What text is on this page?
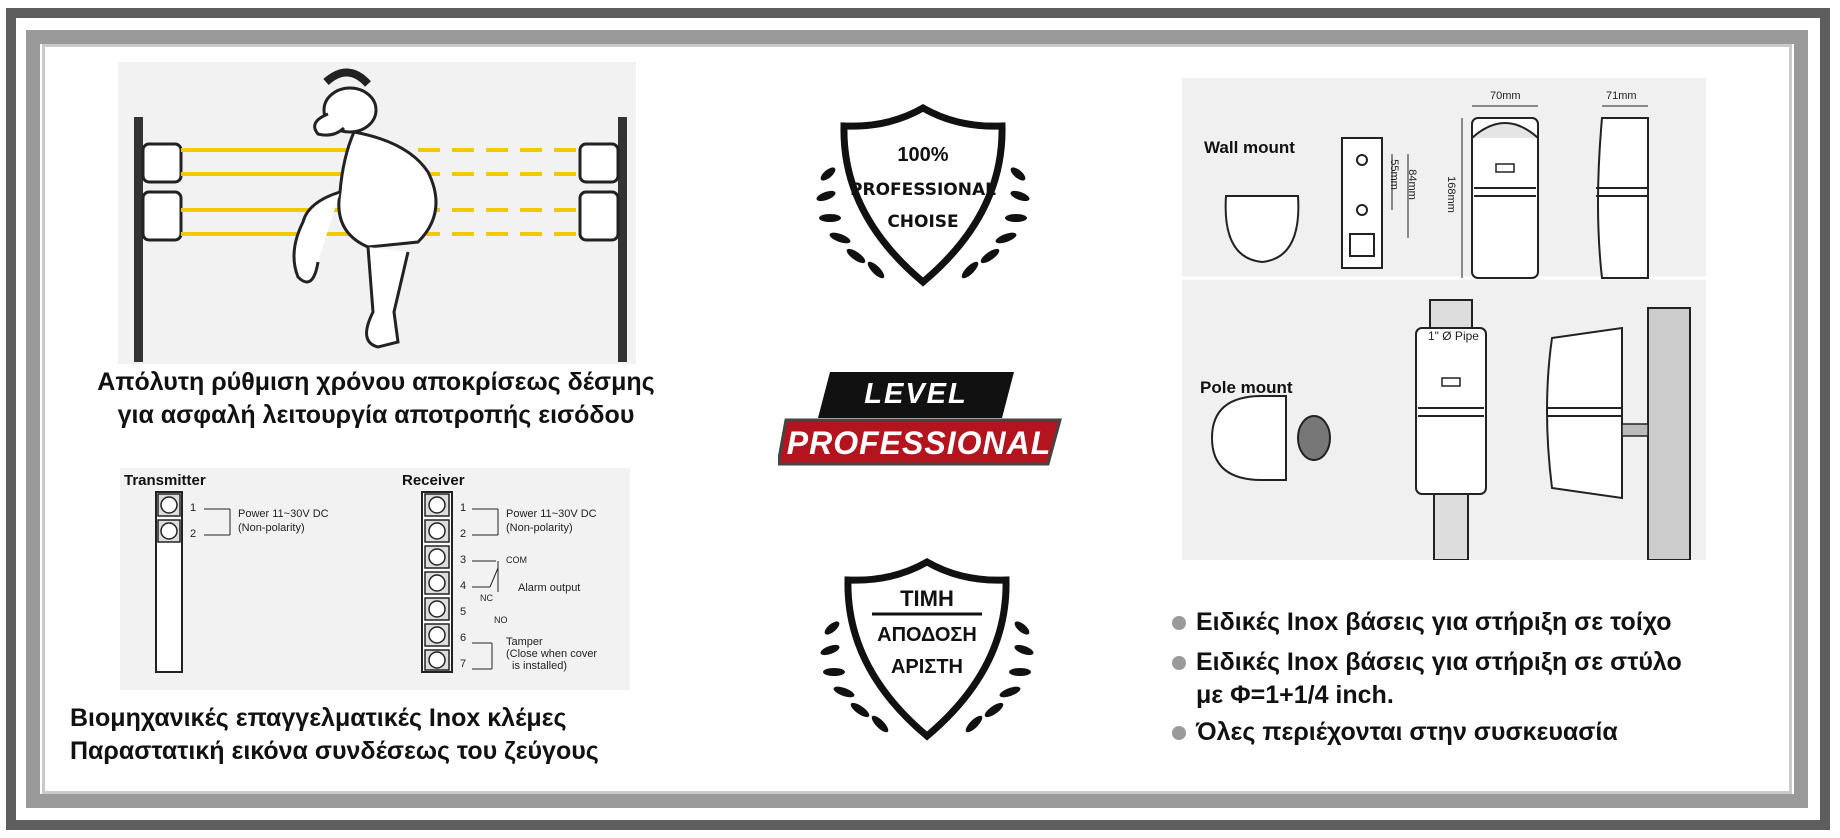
Απόλυτη ρύθμιση χρόνου αποκρίσεως δέσμης
για ασφαλή λειτουργία αποτροπής εισόδου
Transmitter	Receiver
1
2
Power 11~30V DC
(Non-polarity)
1
2
3
4
5
6
7
Power 11~30V DC
(Non-polarity)
COM
Alarm output
NC
NO
Tamper
(Close when cover
is installed)
Βιομηχανικές επαγγελματικές Inox κλέμες
Παραστατική εικόνα συνδέσεως του ζεύγους
100%
PROFESSIONAL
CHOISE
LEVEL
PROFESSIONAL
ΤΙΜΗ
ΑΠΟΔΟΣΗ
ΑΡΙΣΤΗ
Wall mount
Pole mount
70mm	71mm
168mm
55mm 84mm
1" Ø Pipe
Ειδικές Inox βάσεις για στήριξη σε τοίχο
Ειδικές Inox βάσεις για στήριξη σε στύλο
με Φ=1+1/4 inch.
Όλες περιέχονται στην συσκευασία
